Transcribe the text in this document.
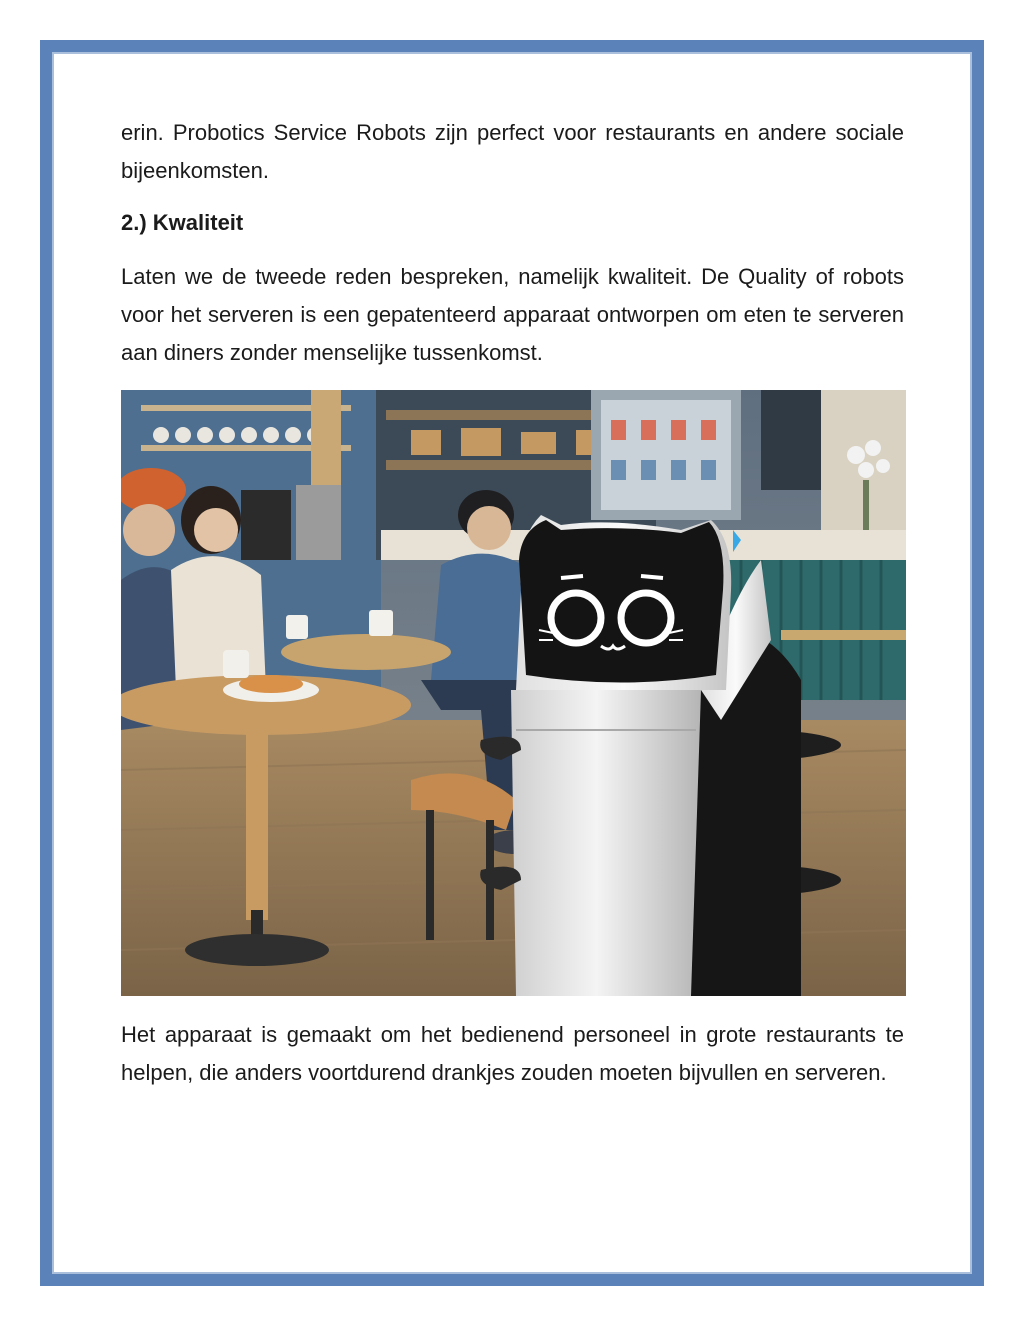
erin. Probotics Service Robots zijn perfect voor restaurants en andere sociale bijeenkomsten.

2.) Kwaliteit

Laten we de tweede reden bespreken, namelijk kwaliteit. De Quality of robots voor het serveren is een gepatenteerd apparaat ontworpen om eten te serveren aan diners zonder menselijke tussenkomst.

Het apparaat is gemaakt om het bedienend personeel in grote restaurants te helpen, die anders voortdurend drankjes zouden moeten bijvullen en serveren.
